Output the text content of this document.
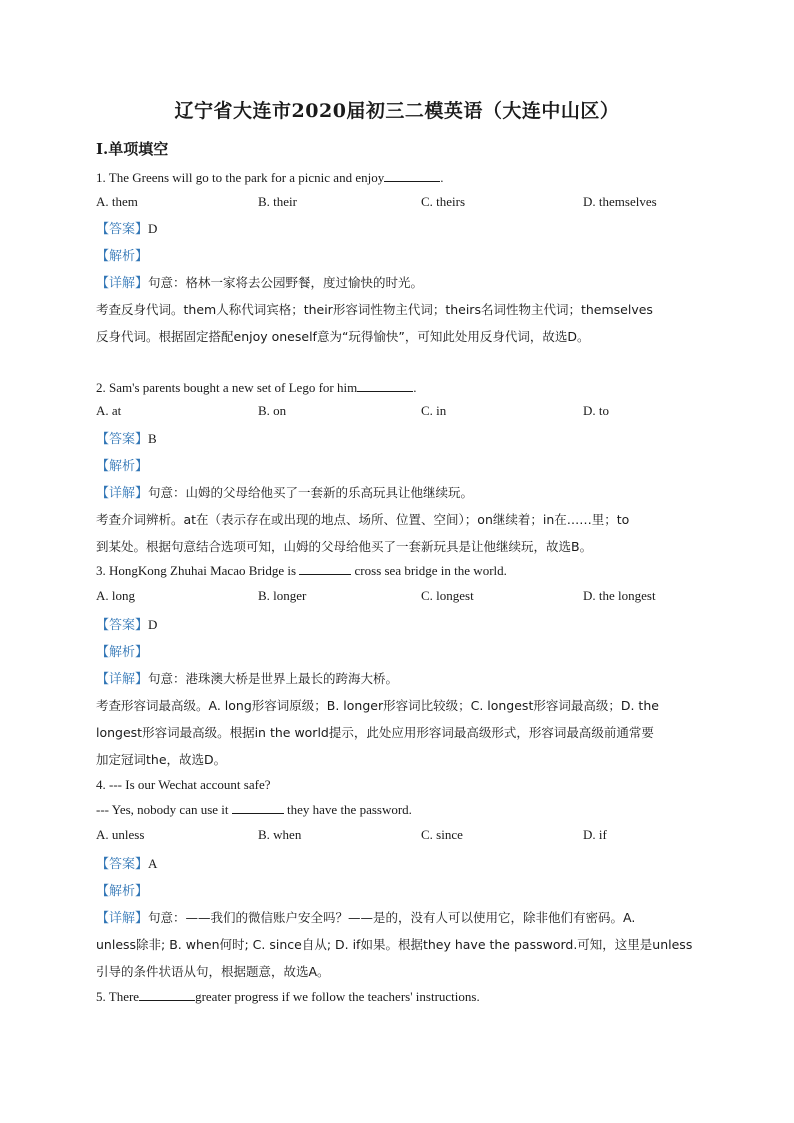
辽宁省大连市2020届初三二模英语（大连中山区）
I.单项填空
1. The Greens will go to the park for a picnic and enjoy	.
A. them	B. their	C. theirs	D. themselves
【答案】D
【解析】
【详解】句意：格林一家将去公园野餐，度过愉快的时光。
考查反身代词。them人称代词宾格；their形容词性物主代词；theirs名词性物主代词；themselves
反身代词。根据固定搭配enjoy oneself意为“玩得愉快”，可知此处用反身代词，故选D。
2. Sam's parents bought a new set of Lego for him	.
A. at	B. on	C. in	D. to
【答案】B
【解析】
【详解】句意：山姆的父母给他买了一套新的乐高玩具让他继续玩。
考查介词辨析。at在（表示存在或出现的地点、场所、位置、空间）；on继续着；in在……里；to
到某处。根据句意结合选项可知，山姆的父母给他买了一套新玩具是让他继续玩，故选B。
3. HongKong Zhuhai Macao Bridge is	cross sea bridge in the world.
A. long	B. longer	C. longest	D. the longest
【答案】D
【解析】
【详解】句意：港珠澳大桥是世界上最长的跨海大桥。
考查形容词最高级。A. long形容词原级；B. longer形容词比较级；C. longest形容词最高级；D. the
longest形容词最高级。根据in the world提示，此处应用形容词最高级形式，形容词最高级前通常要
加定冠词the，故选D。
4. --- Is our Wechat account safe?
--- Yes, nobody can use it	they have the password.
A. unless	B. when	C. since	D. if
【答案】A
【解析】
【详解】句意：——我们的微信账户安全吗？——是的，没有人可以使用它，除非他们有密码。A.
unless除非; B. when何时; C. since自从; D. if如果。根据they have the password.可知，这里是unless
引导的条件状语从句，根据题意，故选A。
5. There	greater progress if we follow the teachers' instructions.
